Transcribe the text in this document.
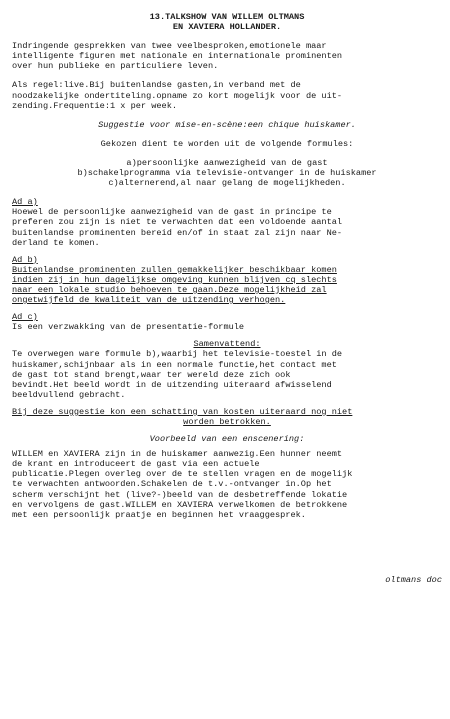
13.TALKSHOW VAN WILLEM OLTMANS
EN XAVIERA HOLLANDER.
Indringende gesprekken van twee veelbesproken,emotionele maar
intelligente figuren met nationale en internationale prominenten
over hun publieke en particuliere leven.
Als regel:live.Bij buitenlandse gasten,in verband met de
noodzakelijke ondertiteling.opname zo kort mogelijk voor de uit-
zending.Frequentie:1 x per week.
Suggestie voor mise-en-scène:een chique huiskamer.
Gekozen dient te worden uit de volgende formules:
a)persoonlijke aanwezigheid van de gast
b)schakelprogramma via televisie-ontvanger in de huiskamer
c)alternerend,al naar gelang de mogelijkheden.
Ad a)
Hoewel de persoonlijke aanwezigheid van de gast in principe te
preferen zou zijn is niet te verwachten dat een voldoende aantal
buitenlandse prominenten bereid en/of in staat zal zijn naar Ne-
derland te komen.
Ad b)
Buitenlandse prominenten zullen gemakkelijker beschikbaar komen
indien zij in hun dagelijkse omgeving kunnen blijven cq slechts
naar een lokale studio behoeven te gaan.Deze mogelijkheid zal
ongetwijfeld de kwaliteit van de uitzending verhogen.
Ad c)
Is een verzwakking van de presentatie-formule
Samenvattend:
Te overwegen ware formule b),waarbij het televisie-toestel in de
huiskamer,schijnbaar als in een normale functie,het contact met
de gast tot stand brengt,waar ter wereld deze zich ook
bevindt.Het beeld wordt in de uitzending uiteraard afwisselend
beeldvullend gebracht.
Bij deze suggestie kon een schatting van kosten uiteraard nog niet
worden betrokken.
Voorbeeld van een enscenering:
WILLEM en XAVIERA zijn in de huiskamer aanwezig.Een hunner neemt
de krant en introduceert de gast via een actuele
publicatie.Plegen overleg over de te stellen vragen en de mogelijk
te verwachten antwoorden.Schakelen de t.v.-ontvanger in.Op het
scherm verschijnt het (live?-)beeld van de desbetreffende lokatie
en vervolgens de gast.WILLEM en XAVIERA verwelkomen de betrokkene
met een persoonlijk praatje en beginnen het vraaggesprek.
oltmans doc
